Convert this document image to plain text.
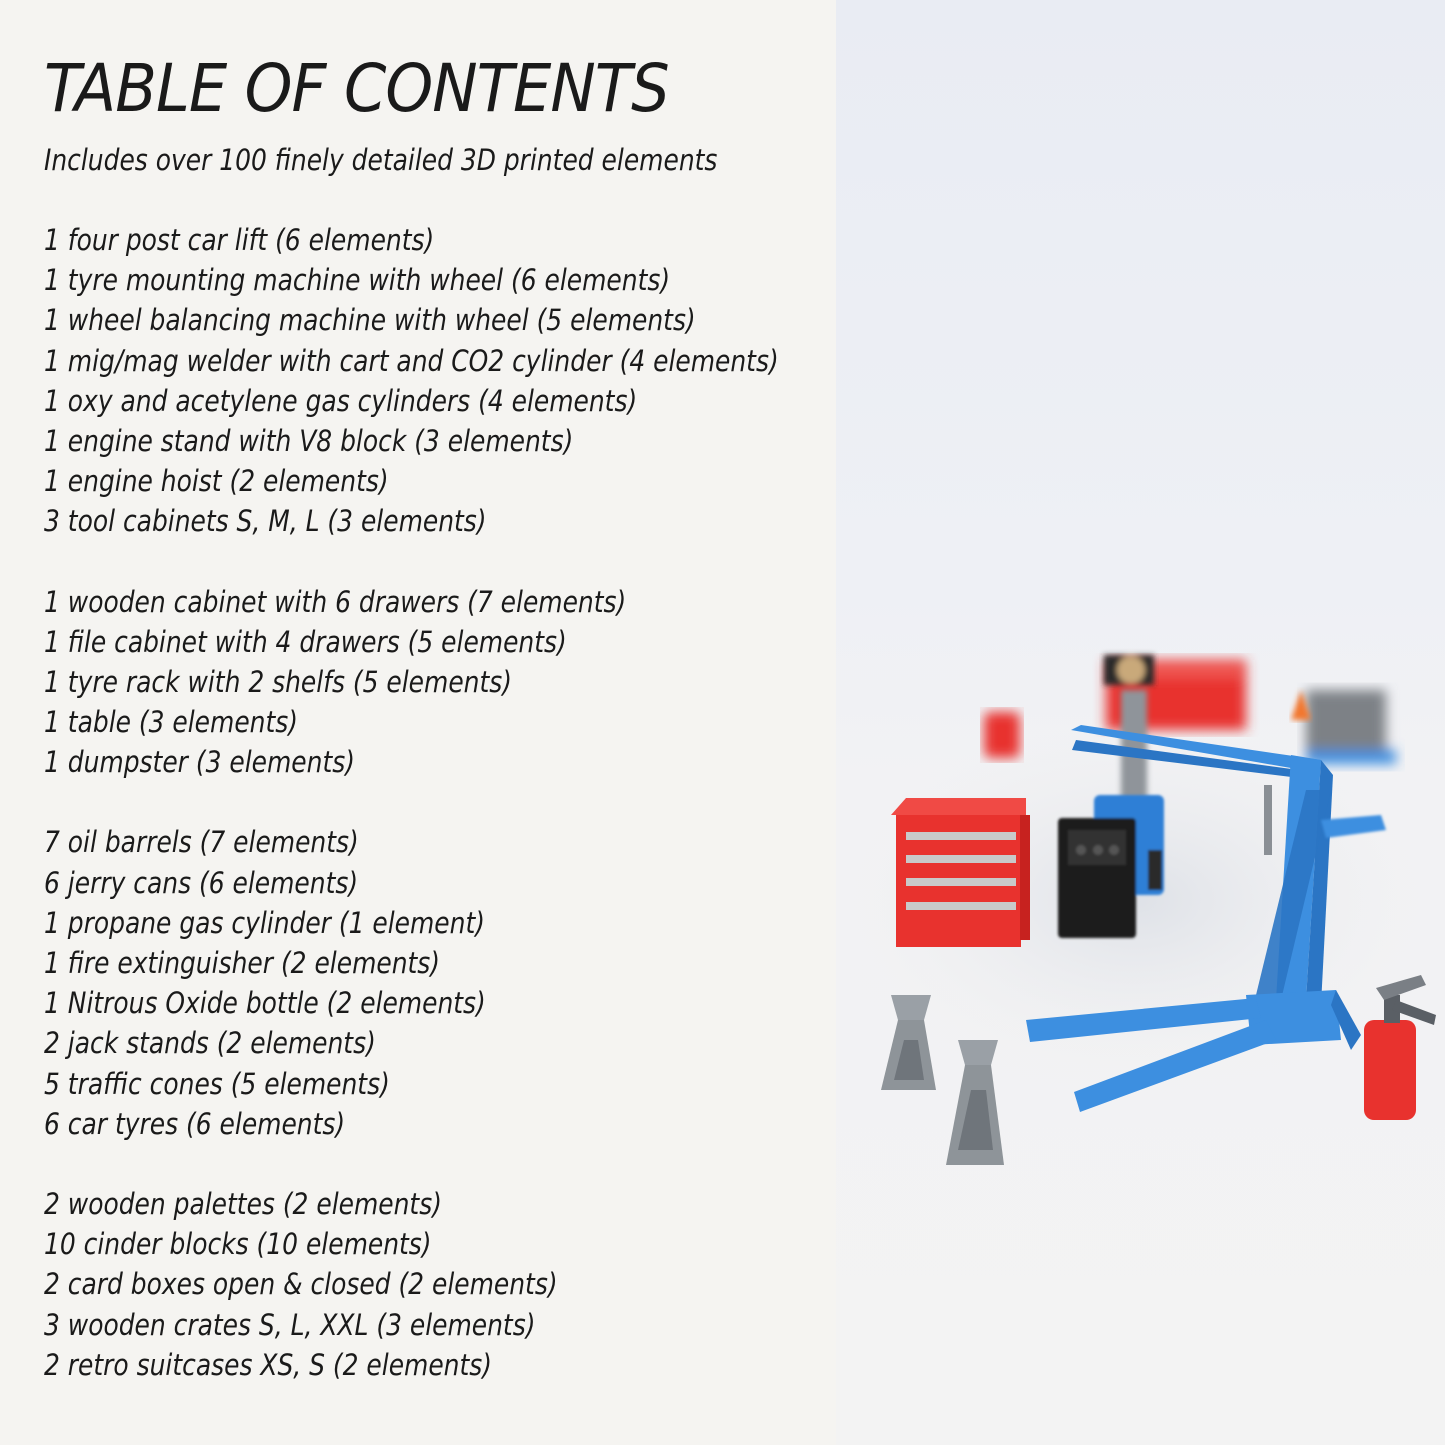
TABLE OF CONTENTS
Includes over 100 finely detailed 3D printed elements
1 four post car lift (6 elements)
1 tyre mounting machine with wheel (6 elements)
1 wheel balancing machine with wheel (5 elements)
1 mig/mag welder with cart and CO2 cylinder (4 elements)
1 oxy and acetylene gas cylinders (4 elements)
1 engine stand with V8 block (3 elements)
1 engine hoist (2 elements)
3 tool cabinets S, M, L (3 elements)
1 wooden cabinet with 6 drawers (7 elements)
1 file cabinet with 4 drawers (5 elements)
1 tyre rack with 2 shelfs (5 elements)
1 table (3 elements)
1 dumpster (3 elements)
7 oil barrels (7 elements)
6 jerry cans (6 elements)
1 propane gas cylinder (1 element)
1 fire extinguisher (2 elements)
1 Nitrous Oxide bottle (2 elements)
2 jack stands (2 elements)
5 traffic cones (5 elements)
6 car tyres (6 elements)
2 wooden palettes (2 elements)
10 cinder blocks (10 elements)
2 card boxes open & closed (2 elements)
3 wooden crates S, L, XXL (3 elements)
2 retro suitcases XS, S (2 elements)
